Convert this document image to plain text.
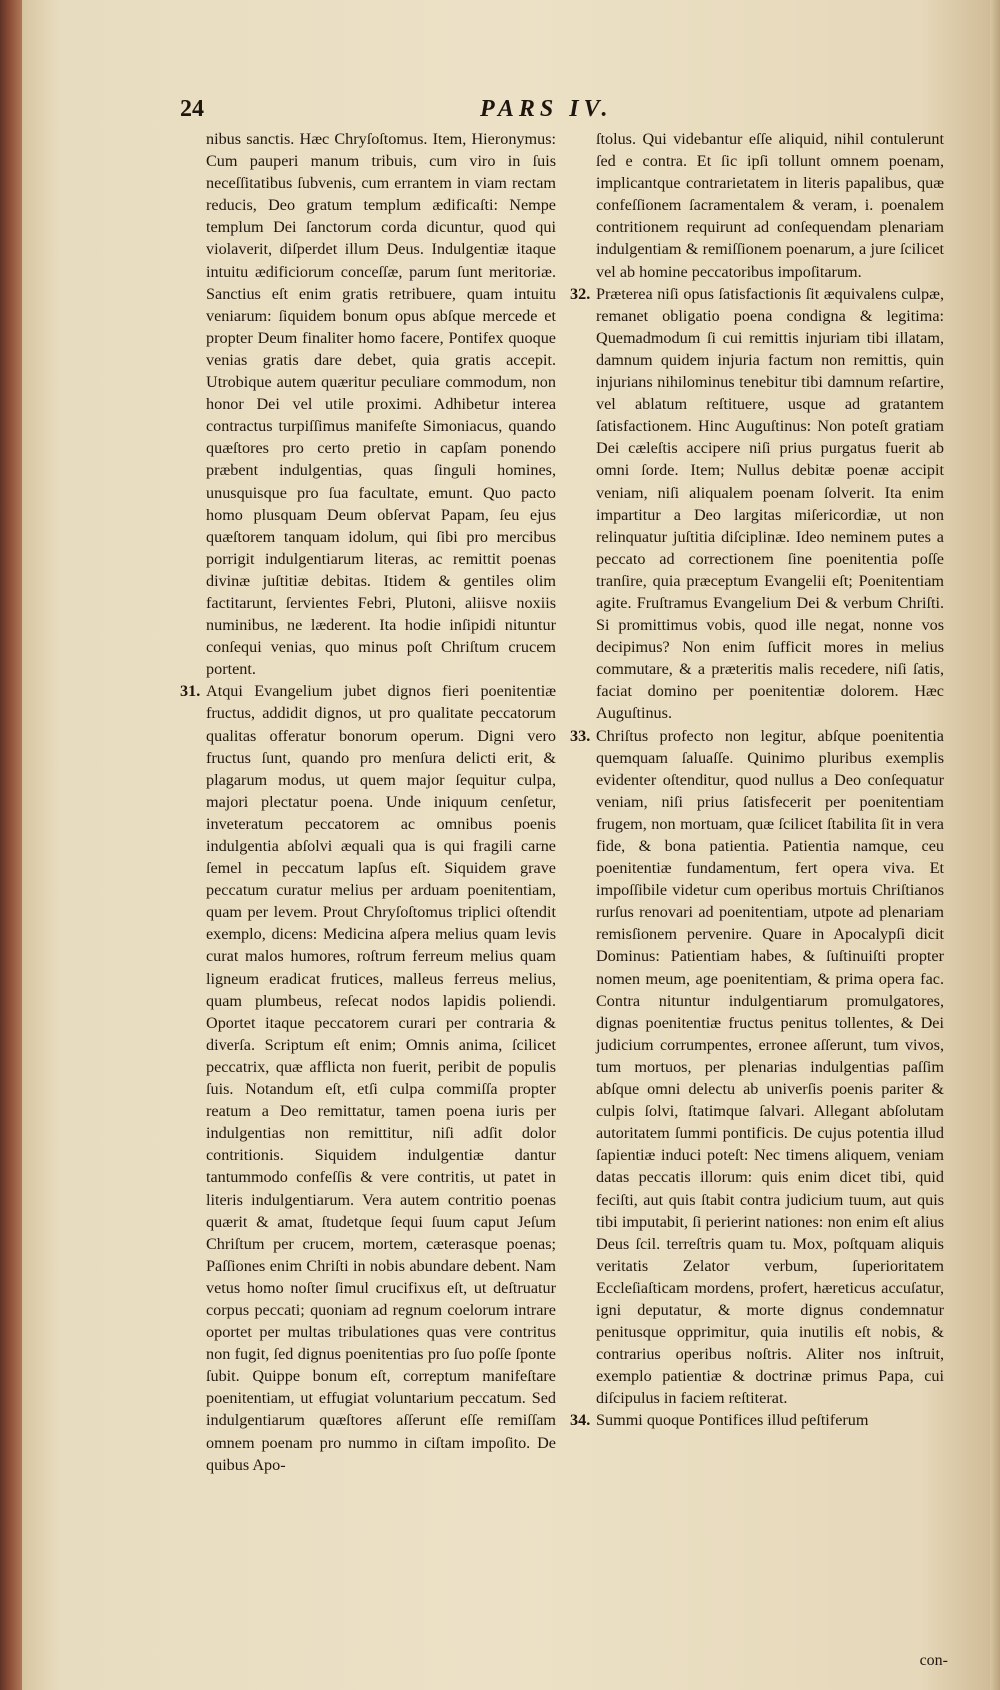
24	PARS IV.

nibus sanctis. Hæc Chryſoſtomus. Item, Hieronymus: Cum pauperi manum tribuis, cum viro in ſuis neceſſitatibus ſubvenis, cum errantem in viam rectam reducis, Deo gratum templum ædificaſti: Nempe templum Dei ſanctorum corda dicuntur, quod qui violaverit, diſperdet illum Deus. Indulgentiæ itaque intuitu ædificiorum conceſſæ, parum ſunt meritoriæ. Sanctius eſt enim gratis retribuere, quam intuitu veniarum: ſiquidem bonum opus abſque mercede et propter Deum finaliter homo facere, Pontifex quoque venias gratis dare debet, quia gratis accepit. Utrobique autem quæritur peculiare commodum, non honor Dei vel utile proximi. Adhibetur interea contractus turpiſſimus manifeſte Simoniacus, quando quæſtores pro certo pretio in capſam ponendo præbent indulgentias, quas ſinguli homines, unusquisque pro ſua facultate, emunt. Quo pacto homo plusquam Deum obſervat Papam, ſeu ejus quæſtorem tanquam idolum, qui ſibi pro mercibus porrigit indulgentiarum literas, ac remittit poenas divinæ juſtitiæ debitas. Itidem & gentiles olim factitarunt, ſervientes Febri, Plutoni, aliisve noxiis numinibus, ne læderent. Ita hodie inſipidi nituntur conſequi venias, quo minus poſt Chriſtum crucem portent.

31. Atqui Evangelium jubet dignos fieri poenitentiæ fructus, addidit dignos, ut pro qualitate peccatorum qualitas offeratur bonorum operum. Digni vero fructus ſunt, quando pro menſura delicti erit, & plagarum modus, ut quem major ſequitur culpa, majori plectatur poena. Unde iniquum cenſetur, inveteratum peccatorem ac omnibus poenis indulgentia abſolvi æquali qua is qui fragili carne ſemel in peccatum lapſus eſt. Siquidem grave peccatum curatur melius per arduam poenitentiam, quam per levem. Prout Chryſoſtomus triplici oſtendit exemplo, dicens: Medicina aſpera melius quam levis curat malos humores, roſtrum ferreum melius quam ligneum eradicat frutices, malleus ferreus melius, quam plumbeus, reſecat nodos lapidis poliendi. Oportet itaque peccatorem curari per contraria & diverſa. Scriptum eſt enim; Omnis anima, ſcilicet peccatrix, quæ afflicta non fuerit, peribit de populis ſuis. Notandum eſt, etſi culpa commiſſa propter reatum a Deo remittatur, tamen poena iuris per indulgentias non remittitur, niſi adſit dolor contritionis. Siquidem indulgentiæ dantur tantummodo confeſſis & vere contritis, ut patet in literis indulgentiarum. Vera autem contritio poenas quærit & amat, ſtudetque ſequi ſuum caput Jeſum Chriſtum per crucem, mortem, cæterasque poenas; Paſſiones enim Chriſti in nobis abundare debent. Nam vetus homo noſter ſimul crucifixus eſt, ut deſtruatur corpus peccati; quoniam ad regnum coelorum intrare oportet per multas tribulationes quas vere contritus non fugit, ſed dignus poenitentias pro ſuo poſſe ſponte ſubit. Quippe bonum eſt, correptum manifeſtare poenitentiam, ut effugiat voluntarium peccatum. Sed indulgentiarum quæſtores aſſerunt eſſe remiſſam omnem poenam pro nummo in ciſtam impoſito. De quibus Apo-

ſtolus. Qui videbantur eſſe aliquid, nihil contulerunt ſed e contra. Et ſic ipſi tollunt omnem poenam, implicantque contrarietatem in literis papalibus, quæ confeſſionem ſacramentalem & veram, i. poenalem contritionem requirunt ad conſequendam plenariam indulgentiam & remiſſionem poenarum, a jure ſcilicet vel ab homine peccatoribus impoſitarum.

32. Præterea niſi opus ſatisfactionis ſit æquivalens culpæ, remanet obligatio poena condigna & legitima: Quemadmodum ſi cui remittis injuriam tibi illatam, damnum quidem injuria factum non remittis, quin injurians nihilominus tenebitur tibi damnum reſartire, vel ablatum reſtituere, usque ad gratantem ſatisfactionem. Hinc Auguſtinus: Non poteſt gratiam Dei cæleſtis accipere niſi prius purgatus fuerit ab omni ſorde. Item; Nullus debitæ poenæ accipit veniam, niſi aliqualem poenam ſolverit. Ita enim impartitur a Deo largitas miſericordiæ, ut non relinquatur juſtitia diſciplinæ. Ideo neminem putes a peccato ad correctionem ſine poenitentia poſſe tranſire, quia præceptum Evangelii eſt; Poenitentiam agite. Fruſtramus Evangelium Dei & verbum Chriſti. Si promittimus vobis, quod ille negat, nonne vos decipimus? Non enim ſufficit mores in melius commutare, & a præteritis malis recedere, niſi ſatis, faciat domino per poenitentiæ dolorem. Hæc Auguſtinus.

33. Chriſtus profecto non legitur, abſque poenitentia quemquam ſaluaſſe. Quinimo pluribus exemplis evidenter oſtenditur, quod nullus a Deo conſequatur veniam, niſi prius ſatisfecerit per poenitentiam frugem, non mortuam, quæ ſcilicet ſtabilita ſit in vera fide, & bona patientia. Patientia namque, ceu poenitentiæ fundamentum, fert opera viva. Et impoſſibile videtur cum operibus mortuis Chriſtianos rurſus renovari ad poenitentiam, utpote ad plenariam remisſionem pervenire. Quare in Apocalypſi dicit Dominus: Patientiam habes, & ſuſtinuiſti propter nomen meum, age poenitentiam, & prima opera fac. Contra nituntur indulgentiarum promulgatores, dignas poenitentiæ fructus penitus tollentes, & Dei judicium corrumpentes, erronee aſſerunt, tum vivos, tum mortuos, per plenarias indulgentias paſſim abſque omni delectu ab univerſis poenis pariter & culpis ſolvi, ſtatimque ſalvari. Allegant abſolutam autoritatem ſummi pontificis. De cujus potentia illud ſapientiæ induci poteſt: Nec timens aliquem, veniam datas peccatis illorum: quis enim dicet tibi, quid feciſti, aut quis ſtabit contra judicium tuum, aut quis tibi imputabit, ſi perierint nationes: non enim eſt alius Deus ſcil. terreſtris quam tu. Mox, poſtquam aliquis veritatis Zelator verbum, ſuperioritatem Eccleſiaſticam mordens, profert, hæreticus accuſatur, igni deputatur, & morte dignus condemnatur penitusque opprimitur, quia inutilis eſt nobis, & contrarius operibus noſtris. Aliter nos inſtruit, exemplo patientiæ & doctrinæ primus Papa, cui diſcipulus in faciem reſtiterat.

34. Summi quoque Pontifices illud peſtiferum

con-
